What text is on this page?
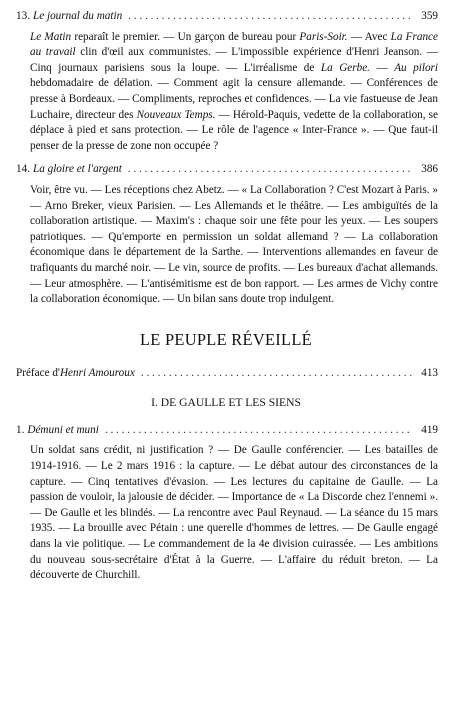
13. Le journal du matin . . .	359
Le Matin reparaît le premier. — Un garçon de bureau pour Paris-Soir. — Avec La France au travail clin d'œil aux communistes. — L'impossible expérience d'Henri Jeanson. — Cinq journaux parisiens sous la loupe. — L'irréalisme de La Gerbe. — Au pilori hebdomadaire de délation. — Comment agit la censure allemande. — Conférences de presse à Bordeaux. — Compliments, reproches et confidences. — La vie fastueuse de Jean Luchaire, directeur des Nouveaux Temps. — Hérold-Paquis, vedette de la collaboration, se déplace à pied et sans protection. — Le rôle de l'agence « Inter-France ». — Que faut-il penser de la presse de zone non occupée ?
14. La gloire et l'argent . . .	386
Voir, être vu. — Les réceptions chez Abetz. — « La Collaboration ? C'est Mozart à Paris. » — Arno Breker, vieux Parisien. — Les Allemands et le théâtre. — Les ambiguïtés de la collaboration artistique. — Maxim's : chaque soir une fête pour les yeux. — Les soupers patriotiques. — Qu'emporte en permission un soldat allemand ? — La collaboration économique dans le département de la Sarthe. — Interventions allemandes en faveur de trafiquants du marché noir. — Le vin, source de profits. — Les bureaux d'achat allemands. — Leur atmosphère. — L'antisémitisme est de bon rapport. — Les armes de Vichy contre la collaboration économique. — Un bilan sans doute trop indulgent.
LE PEUPLE RÉVEILLÉ
Préface d'Henri Amouroux . . .	413
I. DE GAULLE ET LES SIENS
1. Démuni et muni . . .	419
Un soldat sans crédit, ni justification ? — De Gaulle conférencier. — Les batailles de 1914-1916. — Le 2 mars 1916 : la capture. — Le débat autour des circonstances de la capture. — Cinq tentatives d'évasion. — Les lectures du capitaine de Gaulle. — La passion de vouloir, la jalousie de décider. — Importance de « La Discorde chez l'ennemi ». — De Gaulle et les blindés. — La rencontre avec Paul Reynaud. — La séance du 15 mars 1935. — La brouille avec Pétain : une querelle d'hommes de lettres. — De Gaulle engagé dans la vie politique. — Le commandement de la 4e division cuirassée. — Les ambitions du nouveau sous-secrétaire d'État à la Guerre. — L'affaire du réduit breton. — La découverte de Churchill.
